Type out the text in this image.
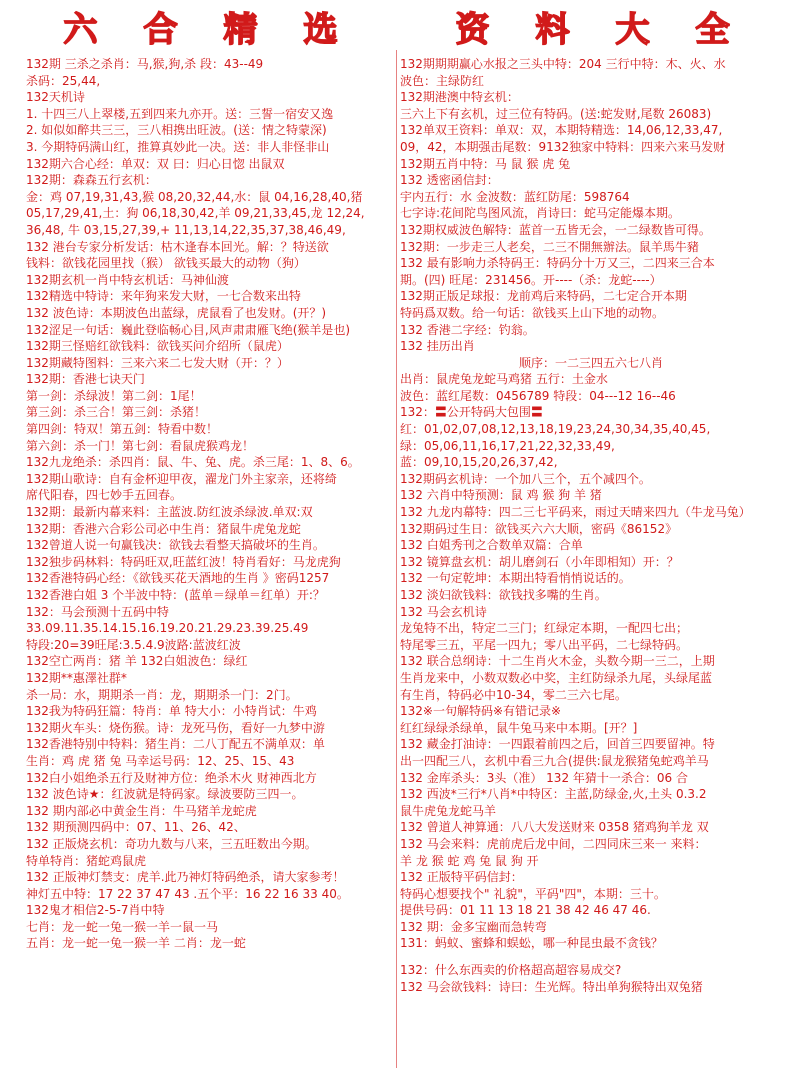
六 合 精 选	资 料 大 全
132期 三杀之杀肖：马,猴,狗,杀 段：43--49
杀码：25,44,
132天机诗
1. 十四三八上翠楼,五到四来九亦开。送：三誓一宿安又逸
2. 如似如醉共三三，三八相携出旺波。(送：情之特蒙深)
3. 今期特码满山红，推算真妙此一决。送：非人非怪非山
132期六合心经：单双：双 曰：归心日惚 出鼠双
132期：森森五行玄机：
金：鸡 07,19,31,43,猴 08,20,32,44,水：鼠 04,16,28,40,猪
05,17,29,41,土：狗 06,18,30,42,羊 09,21,33,45,龙 12,24,
36,48, 牛 03,15,27,39,+ 11,13,14,22,35,37,38,46,49,
132 港台专家分析发话：枯木逢春本回光。解：？特送欲
钱料：欲钱花园里找（猴） 欲钱买最大的动物（狗）
132期玄机一肖中特玄机话：马神仙渡
132精选中特诗：来年狗来发大财，一七合数来出特
132 波色诗：本期波色出蓝绿，虎鼠看了也发财。(开？)
132涩足一句话：巍此登临畅心目,风声肃肃雁飞绝(猴羊是也)
132期三怪赔红欲钱料：欲钱买问介绍所（鼠虎）
132期藏特图料：三来六来二七发大财（开：？）
132期：香港七诀天门
第一剑：杀绿波！第二剑：1尾！
第三剑：杀三合！第三剑：杀猪！
第四剑：特双！第五剑：特看中数！
第六剑：杀一门！第七剑：看鼠虎猴鸡龙！
132九龙绝杀：杀四肖：鼠、牛、兔、虎。杀三尾：1、8、6。
132期山歌诗：自有金杯迎甲夜，濯龙门外主家亲，还将绮
席代阳春，四七妙手五回春。
132期：最新内幕来料：主蓝波.防红波杀绿波.单双:双
132期：香港六合彩公司必中生肖：猪鼠牛虎兔龙蛇
132曾道人说一句赢钱决：欲钱去看整天搞破坏的生肖。
132独步码林料：特码旺双,旺蓝红波！特肖看好：马龙虎狗
132香港特码心经：《欲钱买花天酒地的生肖 》密码1257
132香港白姐 3 个半波中特：(蓝单＝绿单＝红单）开:？
132：马会预测十五码中特
33.09.11.35.14.15.16.19.20.21.29.23.39.25.49
特段:20=39旺尾:3.5.4.9波路:蓝波红波
132空亡两肖：猪 羊 132白姐波色：绿红
132期**惠澤社群*
杀一局：水，期期杀一肖：龙，期期杀一门：2门。
132我为特码狂篇：特肖：单 特大小：小特肖试：牛鸡
132期火车头：烧伤猴。诗：龙死马伤，看好一九梦中游
132香港特别中特料：猪生肖：二八丁配五不满单双：单
生肖：鸡 虎 猪 兔 马幸运号码：12、25、15、43
132白小姐绝杀五行及财神方位：绝杀木火 财神西北方
132 波色诗★：红波就是特码家。绿波要防三四一。
132 期内部必中黄金生肖：牛马猪羊龙蛇虎
132 期预测四码中：07、11、26、42、
132 正版烧玄机：奇功九数与八来，三五旺数出今期。
特单特肖：猪蛇鸡鼠虎
132 正版神灯禁支：虎羊.此乃神灯特码绝杀，请大家参考！
神灯五中特：17 22 37 47 43 .五个平：16 22 16 33 40。
132鬼才相信2-5-7肖中特
七肖：龙一蛇一兔一猴一羊一鼠一马
五肖：龙一蛇一兔一猴一羊 二肖：龙一蛇
132期期期赢心水报之三头中特：204 三行中特：木、火、水
波色：主绿防红
132期港澳中特玄机：
三六上下有玄机，过三位有特码。(送:蛇发财,尾数 26083)
132单双王资料：单双：双，本期特精选：14,06,12,33,47,
09，42，本期强击尾数：9132独家中特料：四来六来马发财
132期五肖中特：马 鼠 猴 虎 兔
132 透密函信封：
宇内五行：水 金波数：蓝红防尾：598764
七字诗:花间陀鸟图风流，肖诗曰：蛇马定能爆本期。
132期权威波色解特：蓝首一五皆无会，一二绿数皆可得。
132期：一步走三人老矣，二三不開無辦法。鼠羊馬牛豬
132 最有影响力杀特码王：特码分十万又三，二四来三合本
期。(四) 旺尾：231456。开----（杀：龙蛇----）
132期正版足球报：龙前鸡后来特码，二七定合开本期
特码爲双数。给一句话：欲钱买上山下地的动物。
132 香港二字经：钓翁。
132 挂历出肖
顺序：一二三四五六七八肖
出肖：鼠虎兔龙蛇马鸡猪 五行：土金水
波色：蓝红尾数：0456789 特段：04---12 16--46
132：〓公开特码大包围〓
红：01,02,07,08,12,13,18,19,23,24,30,34,35,40,45,
绿：05,06,11,16,17,21,22,32,33,49,
蓝：09,10,15,20,26,37,42,
132期码玄机诗：一个加八三个，五个减四个。
132 六肖中特预测：鼠 鸡 猴 狗 羊 猪
132 九龙内幕特：四二三七平码来，雨过天晴来四九（牛龙马兔）
132期码过生日：欲钱买六六大顺，密码《86152》
132 白姐秀刊之合数单双篇：合单
132 镜算盘玄机：胡儿磨剑石（小年即相知）开：？
132 一句定乾坤：本期出特看悄悄说话的。
132 淡妇欲钱料：欲钱找多嘴的生肖。
132 马会玄机诗
龙兔特不出，特定二三门；红绿定本期，一配四七出；
特尾零三五，平尾一四九；零八出平码，二七绿特码。
132 联合总纲诗：十二生肖火木金，头数今期一三二，上期
生肖龙来中，小数双数必中奖，主红防绿杀九尾，头绿尾蓝
有生肖，特码必中10-34，零二三六七尾。
132※一句解特码※有错记录※
红红绿绿杀绿单，鼠牛兔马来中本期。[开？]
132 藏金打油诗：一四跟着前四之后，回首三四要留神。特
出一四配三八，玄机中看三九合(提供:鼠龙猴猪兔蛇鸡羊马
132 金库杀头：3头（准） 132 年猜十一杀合：06 合
132 西波*三行*八肖*中特区：主蓝,防绿金,火,土头 0.3.2
鼠牛虎兔龙蛇马羊
132 曾道人神算通：八八大发送财来 0358 猪鸡狗羊龙 双
132 马会来料：虎前虎后龙中间，二四同床三来一 来料：
羊 龙 猴 蛇 鸡 兔 鼠 狗 开
132 正版特平码信封：
特码心想要找个" 礼貌"，平码"四"，本期：三十。
提供号码：01 11 13 18 21 38 42 46 47 46.
132 期：金多宝幽而急转弯
131：蚂蚁、蜜蜂和蜈蚣，哪一种昆虫最不贪钱？
132：什么东西卖的价格超高超容易成交?
132 马会欲钱料：诗曰：生光辉。特出单狗猴特出双兔猪
